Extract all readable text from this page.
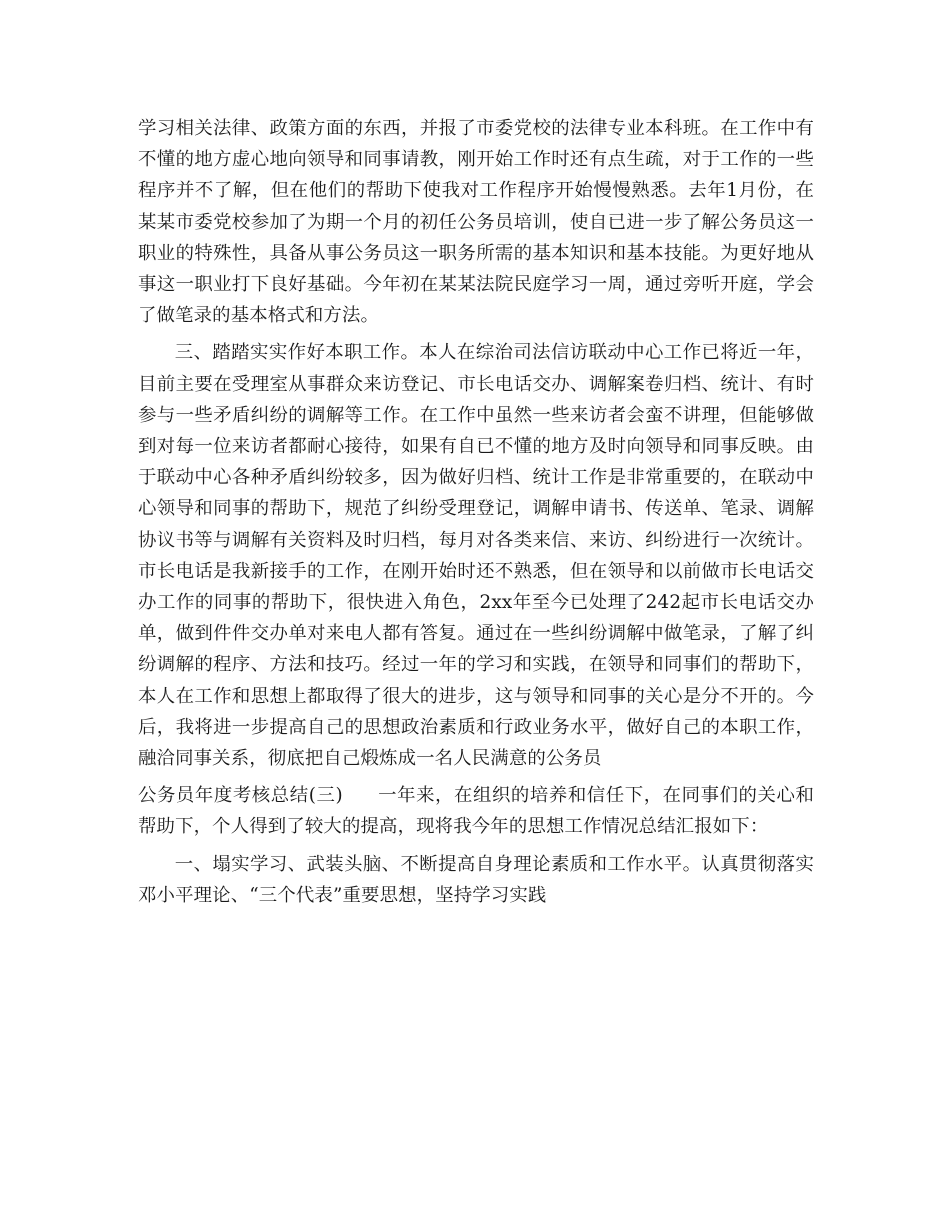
学习相关法律、政策方面的东西，并报了市委党校的法律专业本科班。在工作中有不懂的地方虚心地向领导和同事请教，刚开始工作时还有点生疏，对于工作的一些程序并不了解，但在他们的帮助下使我对工作程序开始慢慢熟悉。去年1月份，在某某市委党校参加了为期一个月的初任公务员培训，使自已进一步了解公务员这一职业的特殊性，具备从事公务员这一职务所需的基本知识和基本技能。为更好地从事这一职业打下良好基础。今年初在某某法院民庭学习一周，通过旁听开庭，学会了做笔录的基本格式和方法。

三、踏踏实实作好本职工作。本人在综治司法信访联动中心工作已将近一年，目前主要在受理室从事群众来访登记、市长电话交办、调解案卷归档、统计、有时参与一些矛盾纠纷的调解等工作。在工作中虽然一些来访者会蛮不讲理，但能够做到对每一位来访者都耐心接待，如果有自已不懂的地方及时向领导和同事反映。由于联动中心各种矛盾纠纷较多，因为做好归档、统计工作是非常重要的，在联动中心领导和同事的帮助下，规范了纠纷受理登记，调解申请书、传送单、笔录、调解协议书等与调解有关资料及时归档，每月对各类来信、来访、纠纷进行一次统计。市长电话是我新接手的工作，在刚开始时还不熟悉，但在领导和以前做市长电话交办工作的同事的帮助下，很快进入角色，2xx年至今已处理了242起市长电话交办单，做到件件交办单对来电人都有答复。通过在一些纠纷调解中做笔录，了解了纠纷调解的程序、方法和技巧。经过一年的学习和实践，在领导和同事们的帮助下，本人在工作和思想上都取得了很大的进步，这与领导和同事的关心是分不开的。今后，我将进一步提高自己的思想政治素质和行政业务水平，做好自己的本职工作，融洽同事关系，彻底把自己煅炼成一名人民满意的公务员

公务员年度考核总结(三) 一年来，在组织的培养和信任下，在同事们的关心和帮助下，个人得到了较大的提高，现将我今年的思想工作情况总结汇报如下：

一、塌实学习、武装头脑、不断提高自身理论素质和工作水平。认真贯彻落实邓小平理论、“三个代表”重要思想，坚持学习实践
